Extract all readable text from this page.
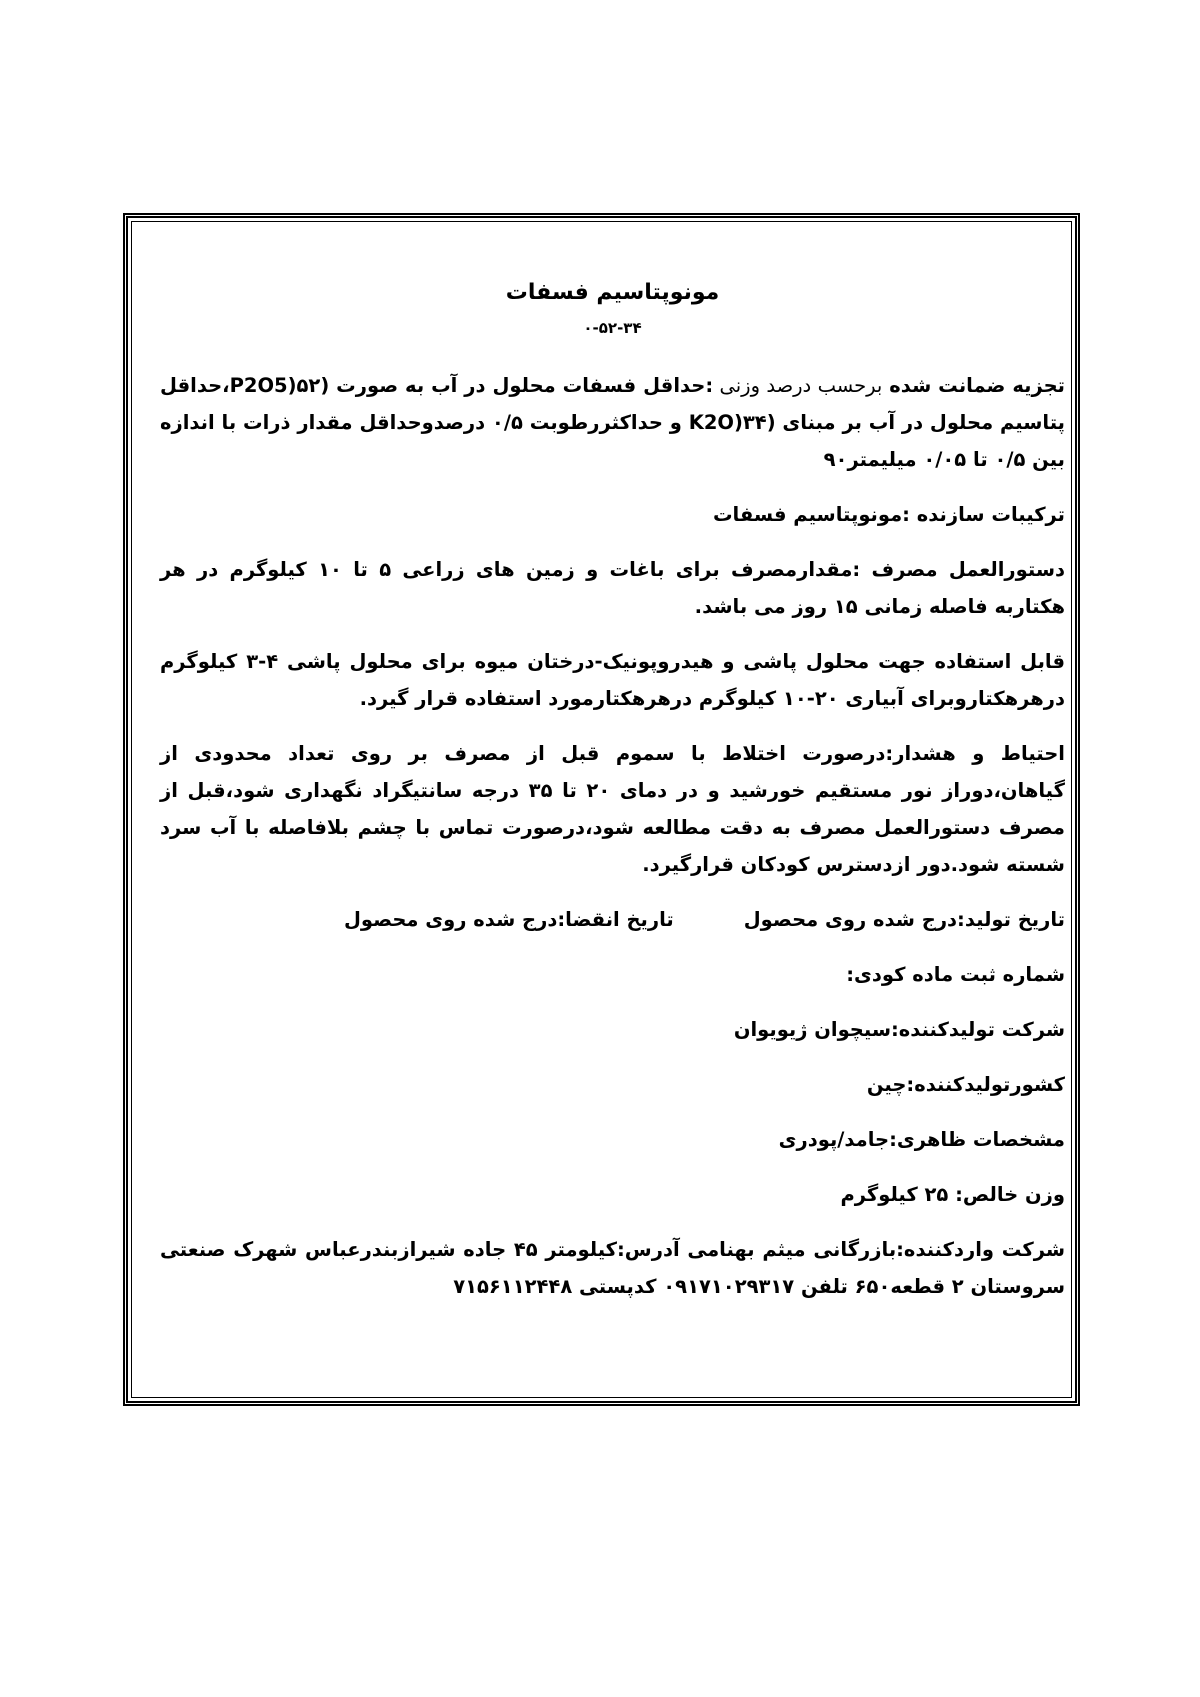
مونوپتاسیم فسفات
۰-۵۲-۳۴

تجزیه ضمانت شده برحسب درصد وزنی :حداقل فسفات محلول در آب به صورت (P2O5)۵۲،حداقل پتاسیم محلول در آب بر مبنای (K2O)۳۴ و حداکثررطوبت ۰/۵ درصدوحداقل مقدار ذرات با اندازه بین ۰/۵ تا ۰/۰۵ میلیمتر۹۰

ترکیبات سازنده :مونوپتاسیم فسفات

دستورالعمل مصرف :مقدارمصرف برای باغات و زمین های زراعی ۵ تا ۱۰ کیلوگرم در هر هکتاربه فاصله زمانی ۱۵ روز می باشد.

قابل استفاده جهت محلول پاشی و هیدروپونیک-درختان میوه برای محلول پاشی ۴-۳ کیلوگرم درهرهکتاروبرای آبیاری ۲۰-۱۰ کیلوگرم درهرهکتارمورد استفاده قرار گیرد.

احتیاط و هشدار:درصورت اختلاط با سموم قبل از مصرف بر روی تعداد محدودی از گیاهان،دوراز نور مستقیم خورشید و در دمای ۲۰ تا ۳۵ درجه سانتیگراد نگهداری شود،قبل از مصرف دستورالعمل مصرف به دقت مطالعه شود،درصورت تماس با چشم بلافاصله با آب سرد شسته شود.دور ازدسترس کودکان قرارگیرد.

تاریخ تولید:درج شده روی محصول
تاریخ انقضا:درج شده روی محصول
شماره ثبت ماده کودی:
شرکت تولیدکننده:سیچوان ژیویوان
کشورتولیدکننده:چین
مشخصات ظاهری:جامد/پودری
وزن خالص: ۲۵ کیلوگرم

شرکت واردکننده:بازرگانی میثم بهنامی آدرس:کیلومتر ۴۵ جاده شیرازبندرعباس شهرک صنعتی سروستان ۲ قطعه۶۵۰ تلفن ۰۹۱۷۱۰۲۹۳۱۷ کدپستی ۷۱۵۶۱۱۲۴۴۸
